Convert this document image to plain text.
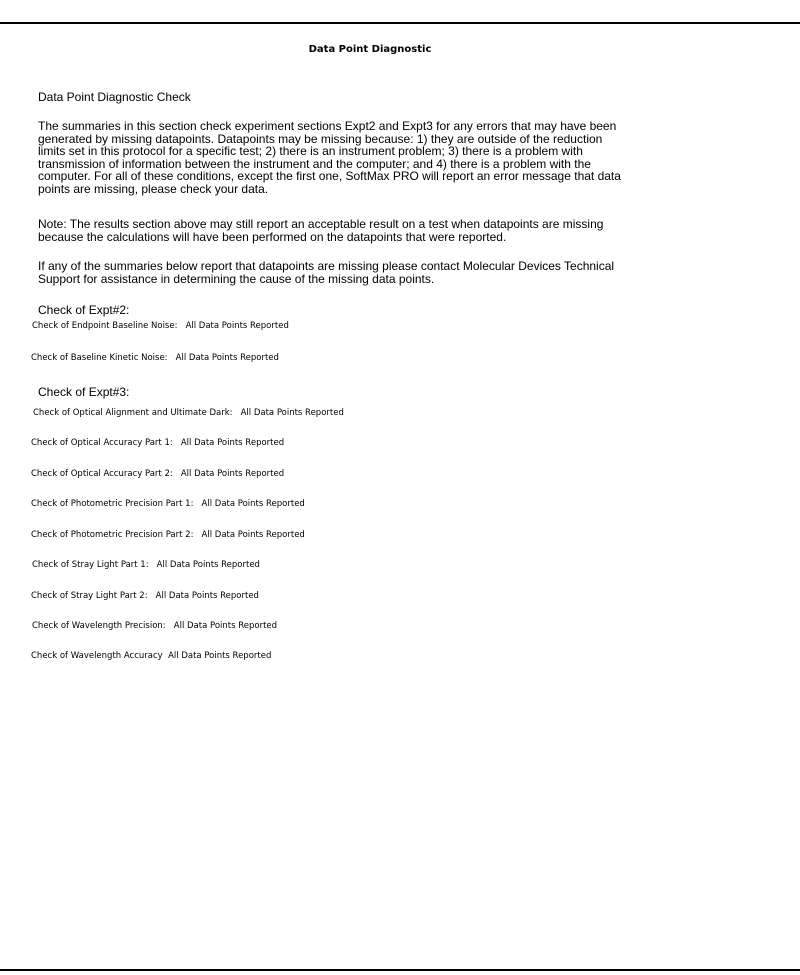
Data Point Diagnostic
Data Point Diagnostic Check
The summaries in this section check experiment sections Expt2 and Expt3 for any errors that may have been generated by missing datapoints. Datapoints may be missing because: 1) they are outside of the reduction limits set in this protocol for a specific test; 2) there is an instrument problem; 3) there is a problem with transmission of information between the instrument and the computer; and 4) there is a problem with the computer. For all of these conditions, except the first one, SoftMax PRO will report an error message that data points are missing, please check your data.
Note: The results section above may still report an acceptable result on a test when datapoints are missing because the calculations will have been performed on the datapoints that were reported.
If any of the summaries below report that datapoints are missing please contact Molecular Devices Technical Support for assistance in determining the cause of the missing data points.
Check of Expt#2:
Check of Endpoint Baseline Noise:   All Data Points Reported
Check of Baseline Kinetic Noise:   All Data Points Reported
Check of Expt#3:
Check of Optical Alignment and Ultimate Dark:   All Data Points Reported
Check of Optical Accuracy Part 1:   All Data Points Reported
Check of Optical Accuracy Part 2:   All Data Points Reported
Check of Photometric Precision Part 1:   All Data Points Reported
Check of Photometric Precision Part 2:   All Data Points Reported
Check of Stray Light Part 1:   All Data Points Reported
Check of Stray Light Part 2:   All Data Points Reported
Check of Wavelength Precision:   All Data Points Reported
Check of Wavelength Accuracy  All Data Points Reported
